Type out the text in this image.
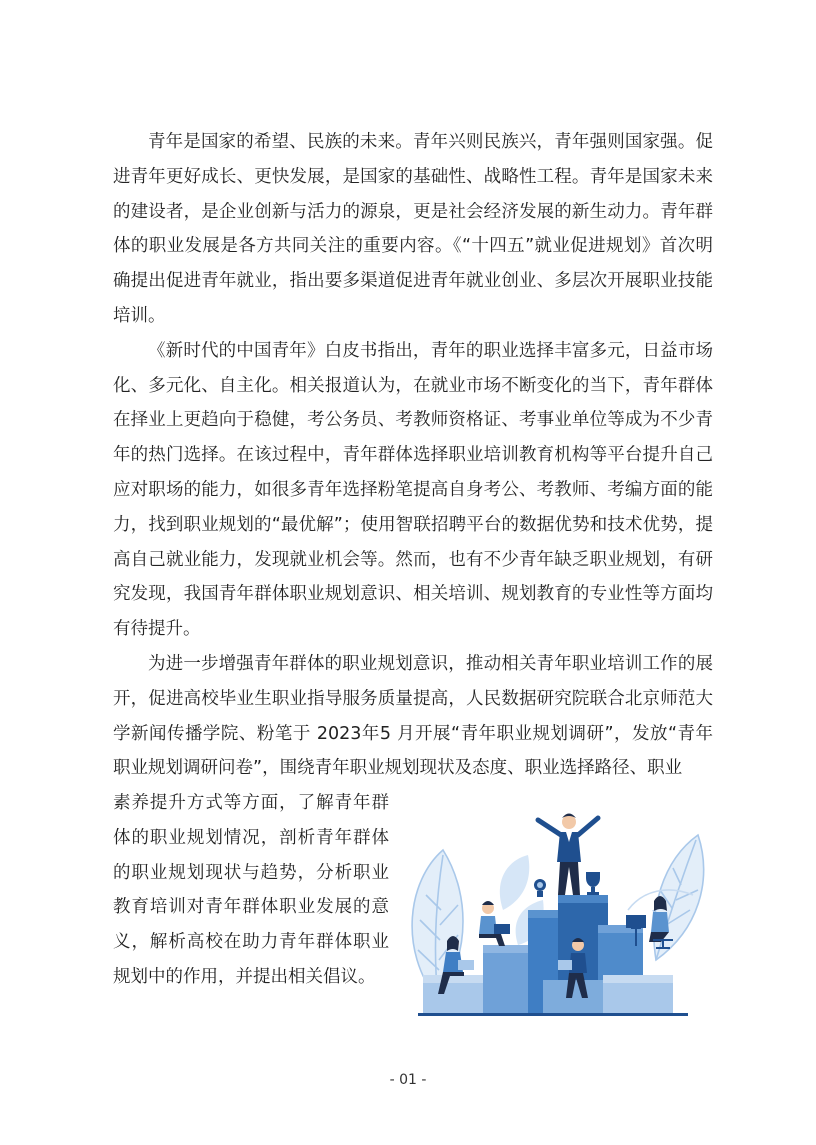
青年是国家的希望、民族的未来。青年兴则民族兴，青年强则国家强。促进青年更好成长、更快发展，是国家的基础性、战略性工程。青年是国家未来的建设者，是企业创新与活力的源泉，更是社会经济发展的新生动力。青年群体的职业发展是各方共同关注的重要内容。《“十四五”就业促进规划》首次明确提出促进青年就业，指出要多渠道促进青年就业创业、多层次开展职业技能培训。

《新时代的中国青年》白皮书指出，青年的职业选择丰富多元，日益市场化、多元化、自主化。相关报道认为，在就业市场不断变化的当下，青年群体在择业上更趋向于稳健，考公务员、考教师资格证、考事业单位等成为不少青年的热门选择。在该过程中，青年群体选择职业培训教育机构等平台提升自己应对职场的能力，如很多青年选择粉笔提高自身考公、考教师、考编方面的能力，找到职业规划的“最优解”；使用智联招聘平台的数据优势和技术优势，提高自己就业能力，发现就业机会等。然而，也有不少青年缺乏职业规划，有研究发现，我国青年群体职业规划意识、相关培训、规划教育的专业性等方面均有待提升。

为进一步增强青年群体的职业规划意识，推动相关青年职业培训工作的展开，促进高校毕业生职业指导服务质量提高，人民数据研究院联合北京师范大学新闻传播学院、粉笔于 2023年5 月开展“青年职业规划调研”，发放“青年职业规划调研问卷”，围绕青年职业规划现状及态度、职业选择路径、职业

素养提升方式等方面，了解青年群体的职业规划情况，剖析青年群体的职业规划现状与趋势，分析职业教育培训对青年群体职业发展的意义，解析高校在助力青年群体职业规划中的作用，并提出相关倡议。

- 01 -
